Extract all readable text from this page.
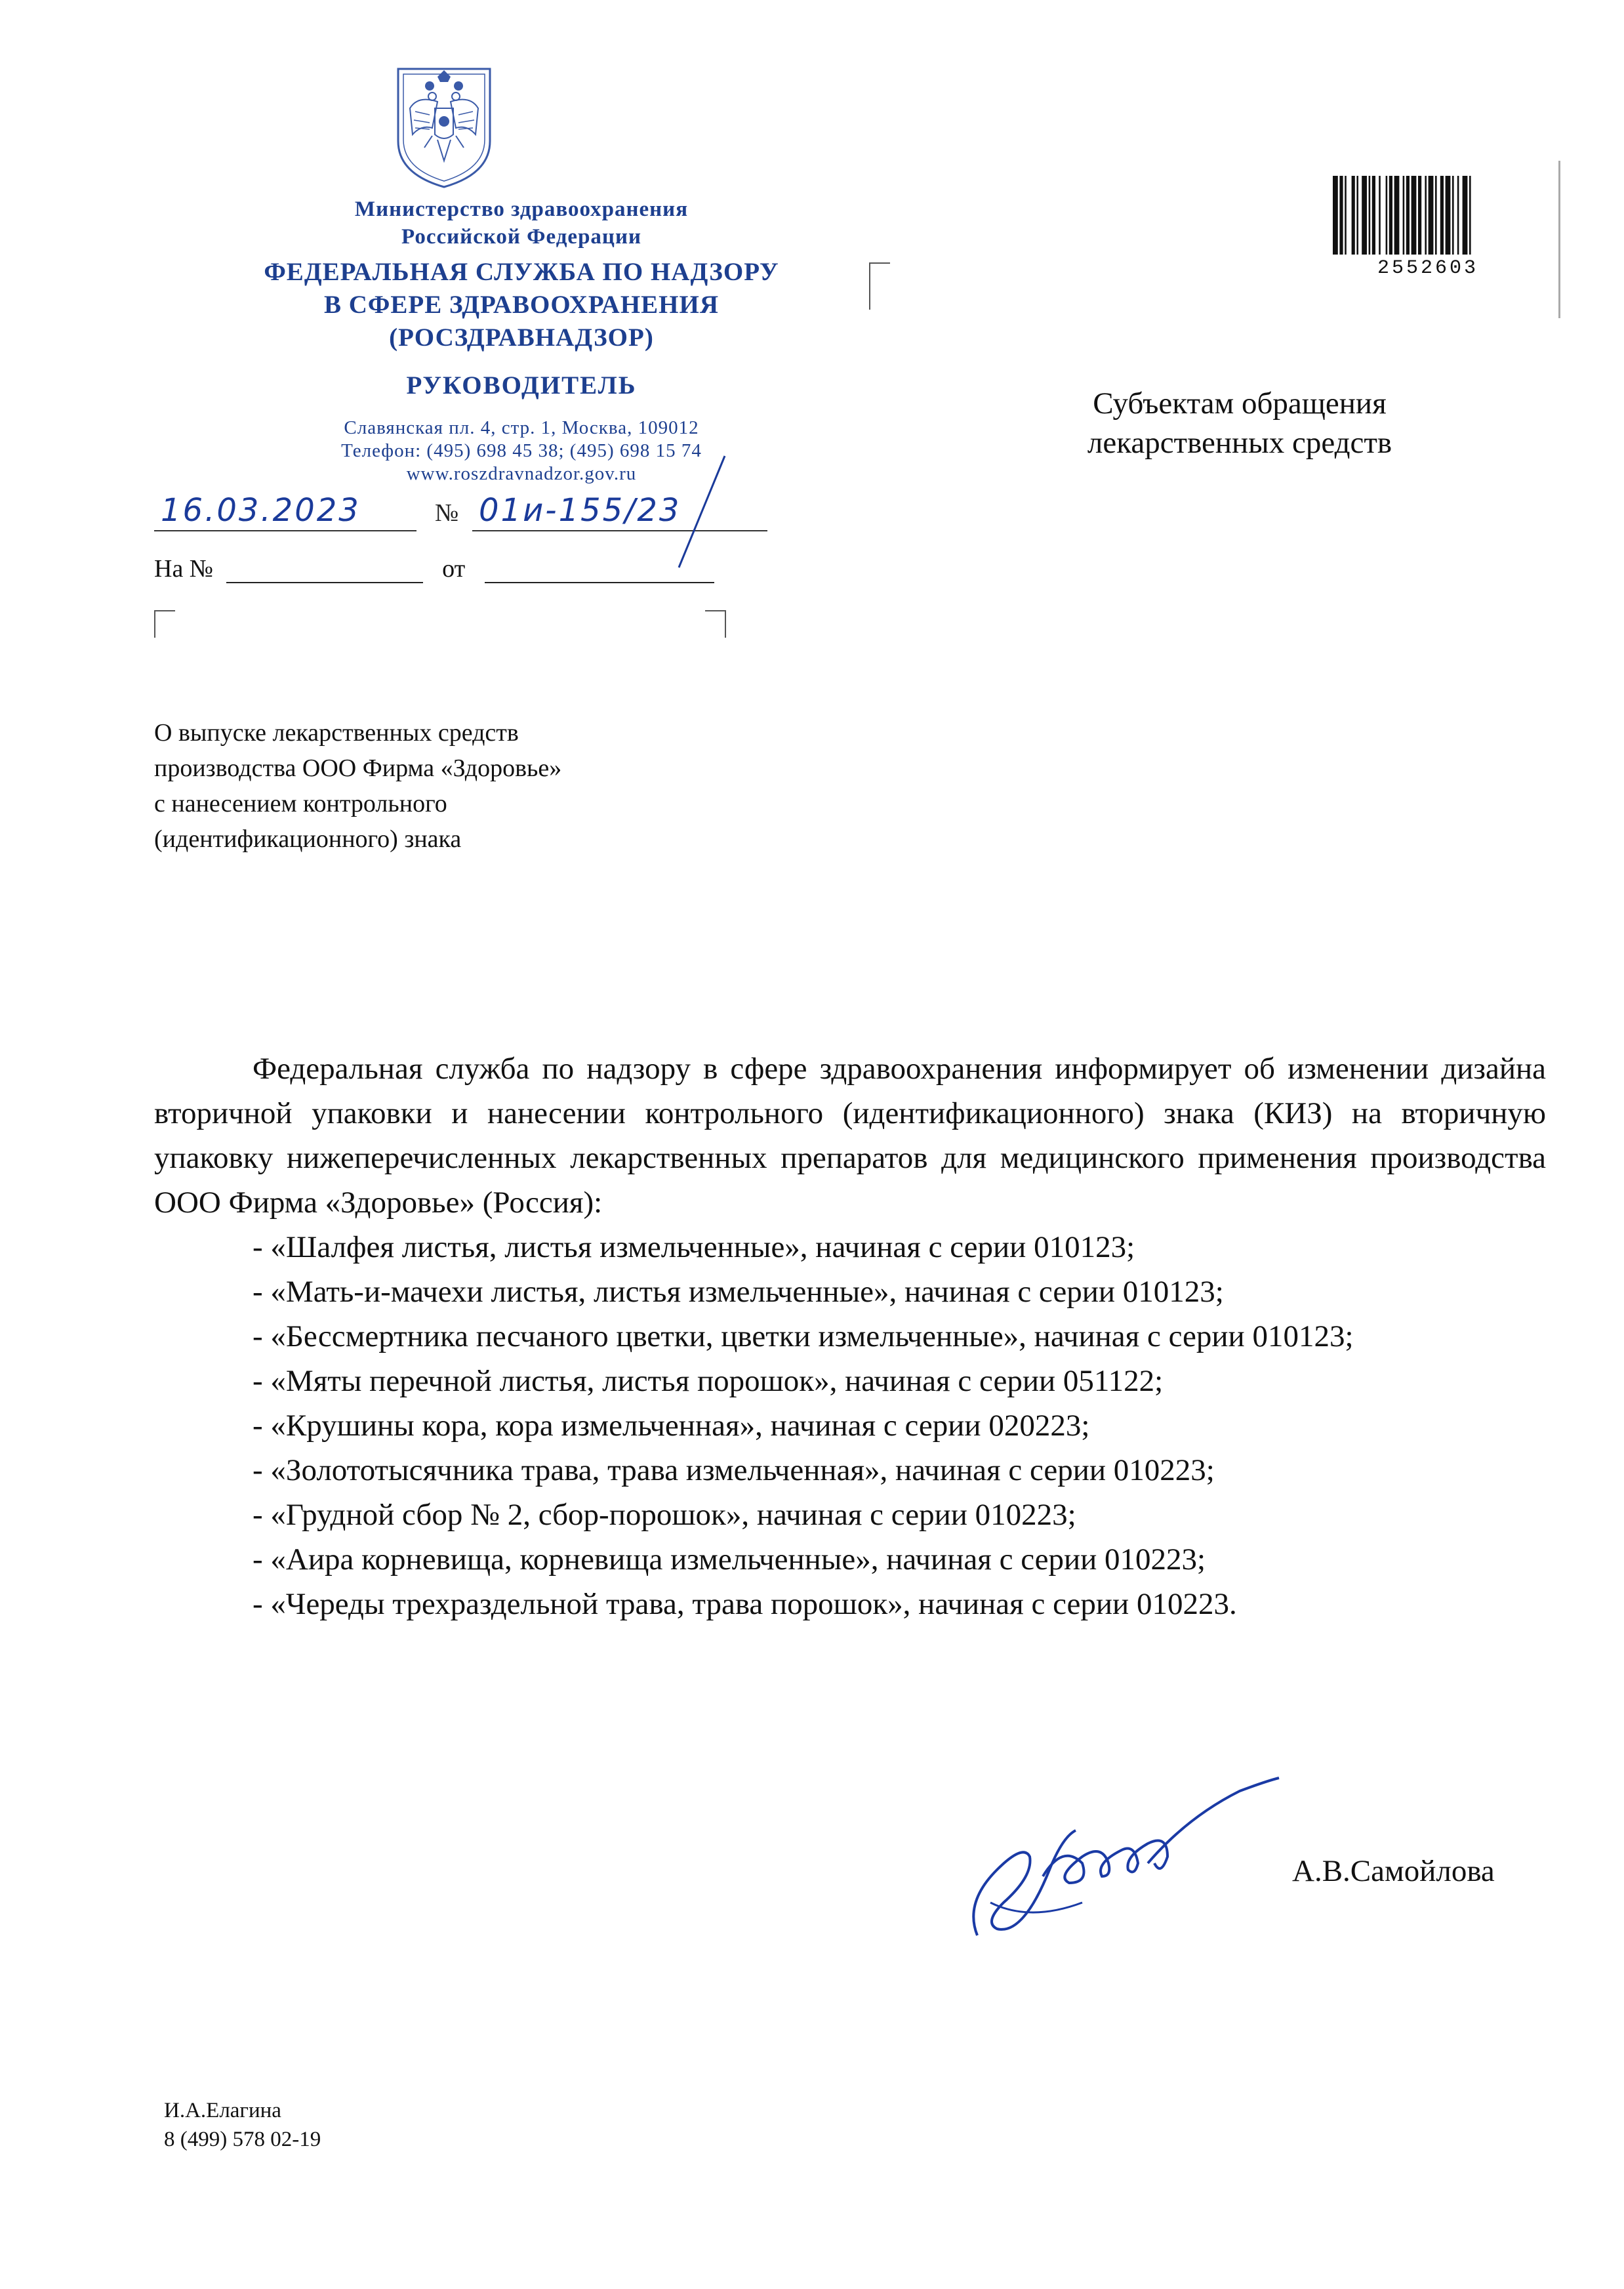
Министерство здравоохранения
Российской Федерации
ФЕДЕРАЛЬНАЯ СЛУЖБА ПО НАДЗОРУ
В СФЕРЕ ЗДРАВООХРАНЕНИЯ
(РОСЗДРАВНАДЗОР)
РУКОВОДИТЕЛЬ
Славянская пл. 4, стр. 1, Москва, 109012
Телефон: (495) 698 45 38; (495) 698 15 74
www.roszdravnadzor.gov.ru
16.03.2023	№ 01и-155/23
На №	от
О выпуске лекарственных средств
производства ООО Фирма «Здоровье»
с нанесением контрольного
(идентификационного) знака
2552603
Субъектам обращения
лекарственных средств

Федеральная служба по надзору в сфере здравоохранения информирует об изменении дизайна вторичной упаковки и нанесении контрольного (идентификационного) знака (КИЗ) на вторичную упаковку нижеперечисленных лекарственных препаратов для медицинского применения производства ООО Фирма «Здоровье» (Россия):

- «Шалфея листья, листья измельченные», начиная с серии 010123;

- «Мать-и-мачехи листья, листья измельченные», начиная с серии 010123;

- «Бессмертника песчаного цветки, цветки измельченные», начиная с серии 010123;

- «Мяты перечной листья, листья порошок», начиная с серии 051122;

- «Крушины кора, кора измельченная», начиная с серии 020223;

- «Золототысячника трава, трава измельченная», начиная с серии 010223;

- «Грудной сбор № 2, сбор-порошок», начиная с серии 010223;

- «Аира корневища, корневища измельченные», начиная с серии 010223;

- «Череды трехраздельной трава, трава порошок», начиная с серии 010223.

А.В.Самойлова
И.А.Елагина
8 (499) 578 02-19
